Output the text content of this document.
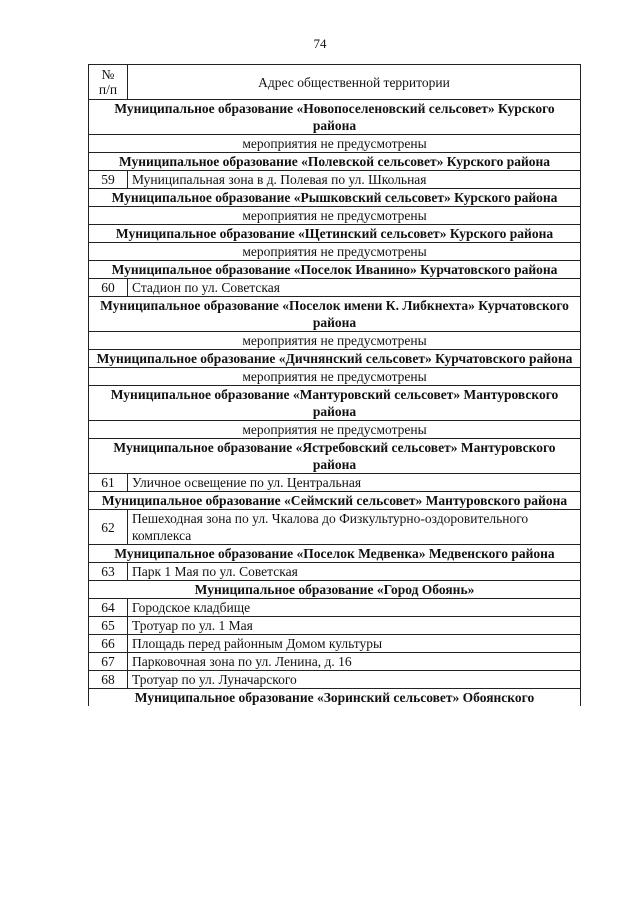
74
№
п/п	Адрес общественной территории
Муниципальное образование «Новопоселеновский сельсовет» Курского района	
мероприятия не предусмотрены	
Муниципальное образование «Полевской сельсовет» Курского района	
59	Муниципальная зона в д. Полевая по ул. Школьная
Муниципальное образование «Рышковский сельсовет» Курского района	
мероприятия не предусмотрены	
Муниципальное образование «Щетинский сельсовет» Курского района	
мероприятия не предусмотрены	
Муниципальное образование «Поселок Иванино» Курчатовского района	
60	Стадион по ул. Советская
Муниципальное образование «Поселок имени К. Либкнехта» Курчатовского района	
мероприятия не предусмотрены	
Муниципальное образование «Дичнянский сельсовет» Курчатовского района	
мероприятия не предусмотрены	
Муниципальное образование «Мантуровский сельсовет» Мантуровского района	
мероприятия не предусмотрены	
Муниципальное образование «Ястребовский сельсовет» Мантуровского района	
61	Уличное освещение по ул. Центральная
Муниципальное образование «Сеймский сельсовет» Мантуровского района	
62	Пешеходная зона по ул. Чкалова до Физкультурно-оздоровительного комплекса
Муниципальное образование «Поселок Медвенка» Медвенского района	
63	Парк 1 Мая по ул. Советская
Муниципальное образование «Город Обоянь»	
64	Городское кладбище
65	Тротуар по ул. 1 Мая
66	Площадь перед районным Домом культуры
67	Парковочная зона по ул. Ленина, д. 16
68	Тротуар по ул. Луначарского
Муниципальное образование «Зоринский сельсовет» Обоянского	
